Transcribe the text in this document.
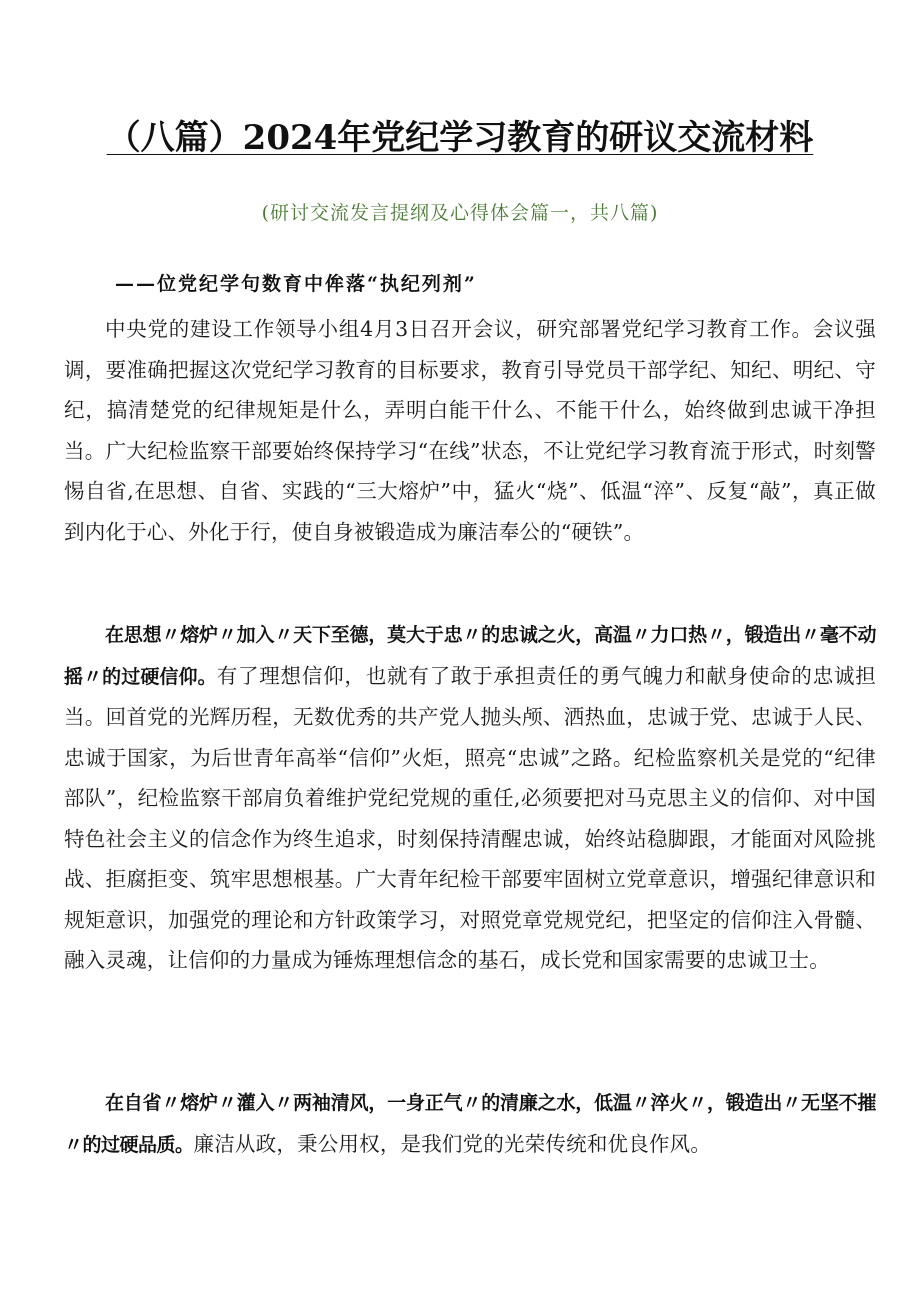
（八篇）2024年党纪学习教育的研议交流材料
(研讨交流发言提纲及心得体会篇一，共八篇)
——位党纪学句数育中侔落“执纪列剂”
中央党的建设工作领导小组4月3日召开会议，研究部署党纪学习教育工作。会议强调，要准确把握这次党纪学习教育的目标要求，教育引导党员干部学纪、知纪、明纪、守纪，搞清楚党的纪律规矩是什么，弄明白能干什么、不能干什么，始终做到忠诚干净担当。广大纪检监察干部要始终保持学习“在线”状态，不让党纪学习教育流于形式，时刻警惕自省,在思想、自省、实践的“三大熔炉”中，猛火“烧”、低温“淬”、反复“敲”，真正做到内化于心、外化于行，使自身被锻造成为廉洁奉公的“硬铁”。
在思想〃熔炉〃加入〃天下至德，莫大于忠〃的忠诚之火，高温〃力口热〃，锻造出〃毫不动摇〃的过硬信仰。有了理想信仰，也就有了敢于承担责任的勇气魄力和献身使命的忠诚担当。回首党的光辉历程，无数优秀的共产党人抛头颅、洒热血，忠诚于党、忠诚于人民、忠诚于国家，为后世青年高举“信仰”火炬，照亮“忠诚”之路。纪检监察机关是党的“纪律部队”，纪检监察干部肩负着维护党纪党规的重任,必须要把对马克思主义的信仰、对中国特色社会主义的信念作为终生追求，时刻保持清醒忠诚，始终站稳脚跟，才能面对风险挑战、拒腐拒变、筑牢思想根基。广大青年纪检干部要牢固树立党章意识，增强纪律意识和规矩意识，加强党的理论和方针政策学习，对照党章党规党纪，把坚定的信仰注入骨髓、融入灵魂，让信仰的力量成为锤炼理想信念的基石，成长党和国家需要的忠诚卫士。
在自省〃熔炉〃灌入〃两袖清风，一身正气〃的清廉之水，低温〃淬火〃，锻造出〃无坚不摧〃的过硬品质。廉洁从政，秉公用权，是我们党的光荣传统和优良作风。
